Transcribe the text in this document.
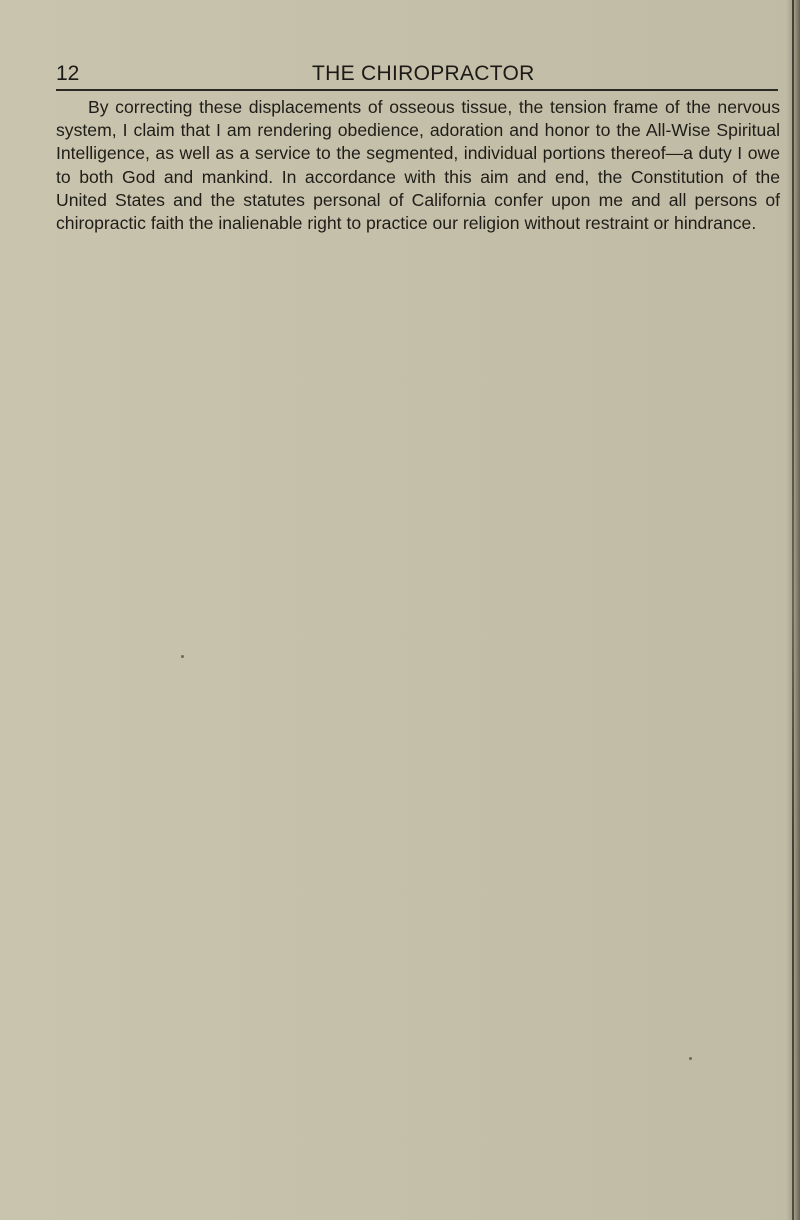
12	THE CHIROPRACTOR

By correcting these displacements of osseous tissue, the tension frame of the nervous system, I claim that I am rendering obedience, adoration and honor to the All-Wise Spiritual Intelligence, as well as a service to the segmented, individual portions thereof—a duty I owe to both God and mankind. In accordance with this aim and end, the Constitution of the United States and the statutes personal of California confer upon me and all persons of chiropractic faith the inalienable right to practice our religion without restraint or hindrance.
